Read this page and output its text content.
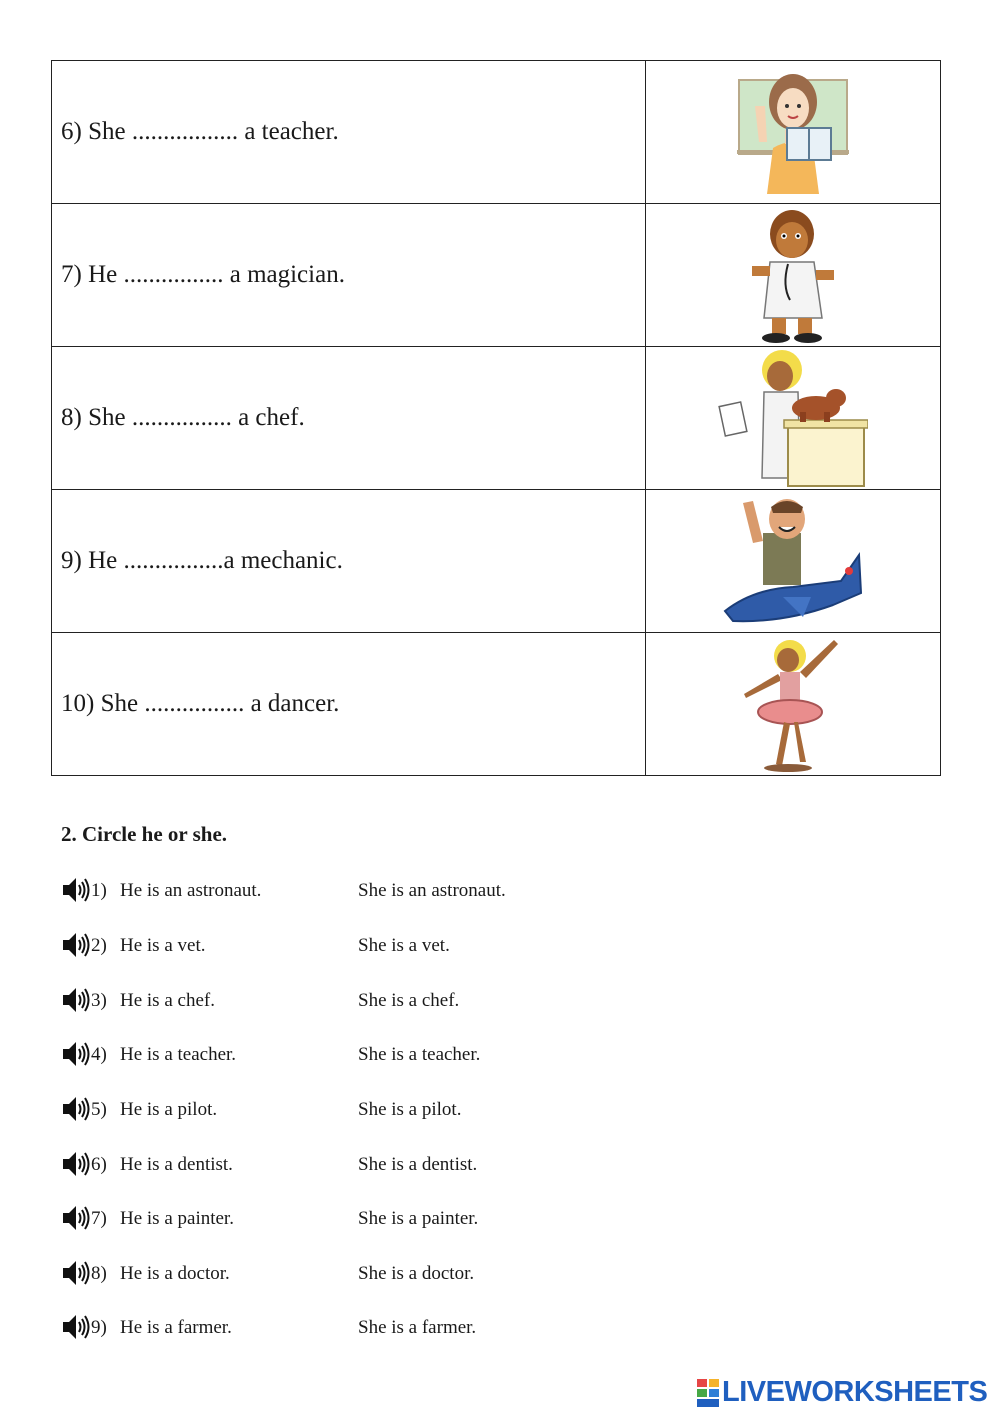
6) She ................. a teacher.	

7) He ................ a magician.	

8) She ................ a chef.	

9) He ................a mechanic.	

10) She ................ a dancer.	
2. Circle he or she.
1) He is an astronaut.	She is an astronaut.
2) He is a vet.	She is a vet.
3) He is a chef.	She is a chef.
4) He is a teacher.	She is a teacher.
5) He is a pilot.	She is a pilot.
6) He is a dentist.	She is a dentist.
7) He is a painter.	She is a painter.
8) He is a doctor.	She is a doctor.
9) He is a farmer.	She is a farmer.
LIVEWORKSHEETS
